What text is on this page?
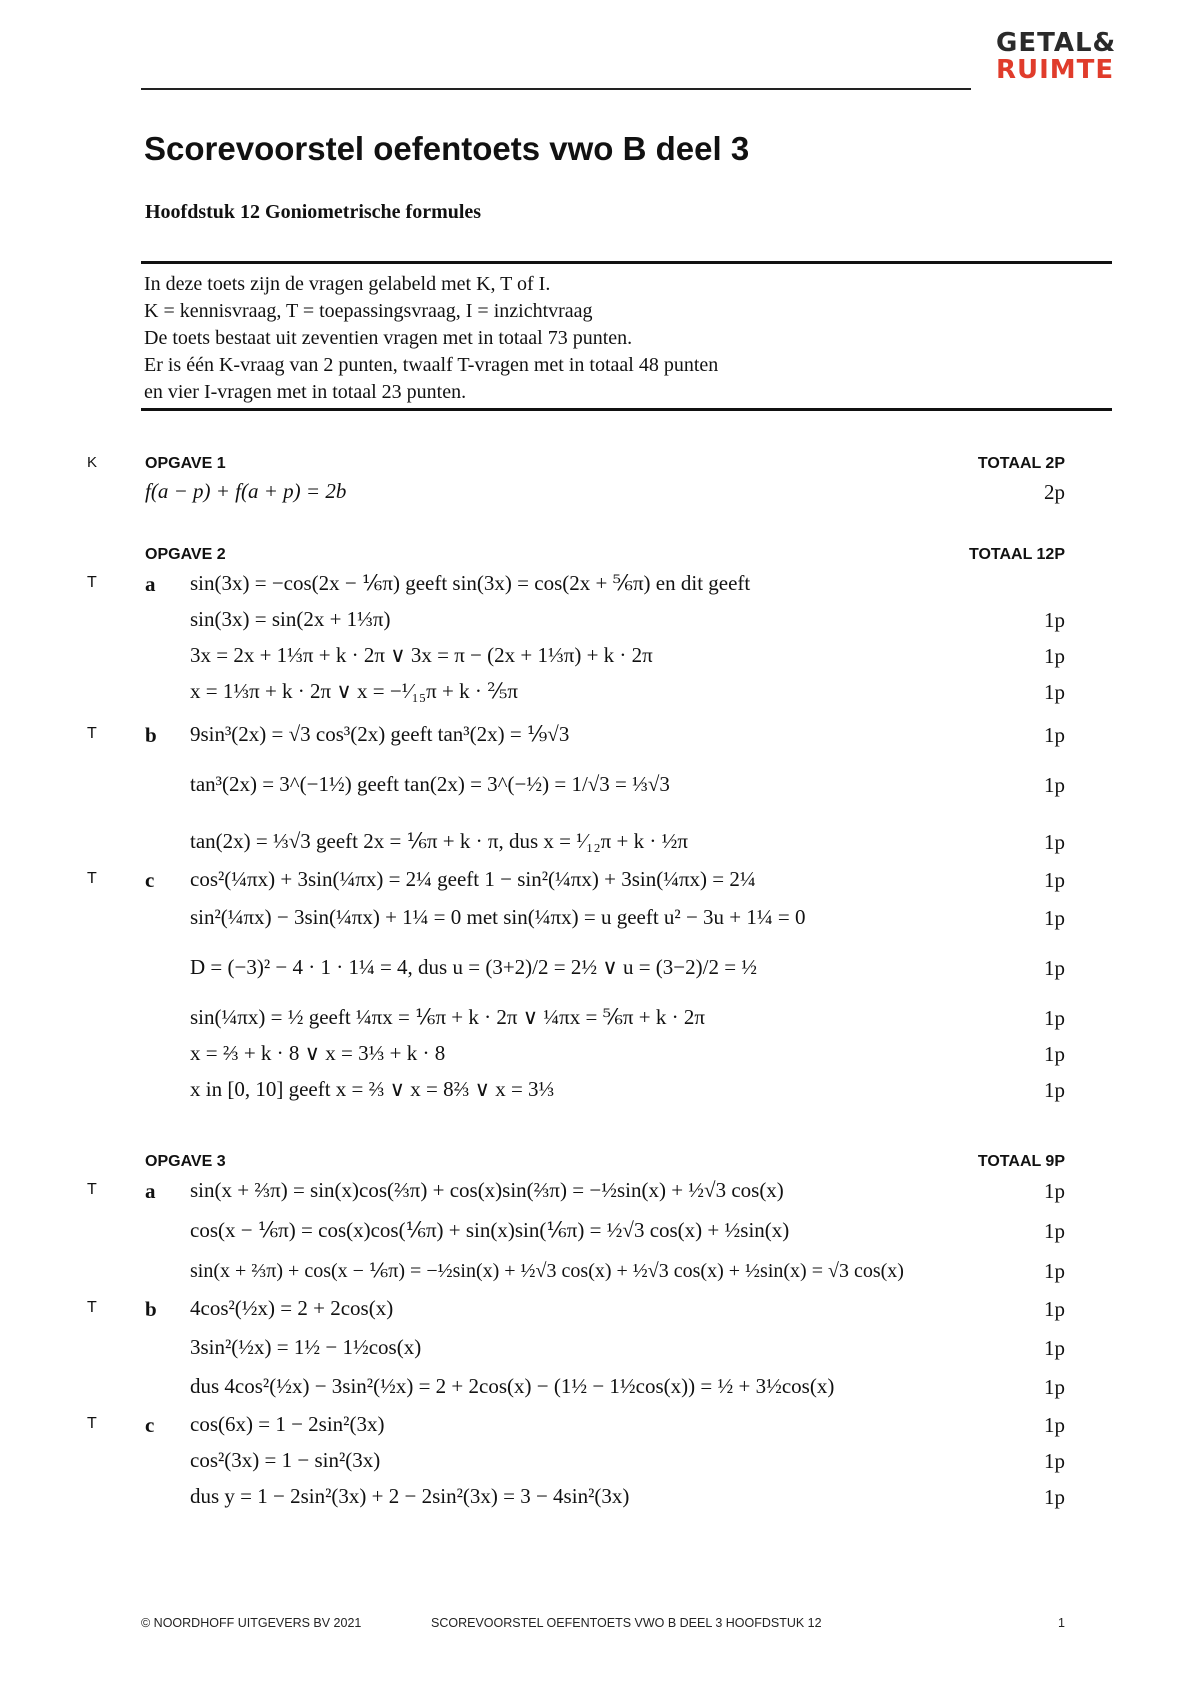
GETAL&
RUIMTE
Scorevoorstel oefentoets vwo B deel 3
Hoofdstuk 12 Goniometrische formules
In deze toets zijn de vragen gelabeld met K, T of I.
K = kennisvraag, T = toepassingsvraag, I = inzichtvraag
De toets bestaat uit zeventien vragen met in totaal 73 punten.
Er is één K-vraag van 2 punten, twaalf T-vragen met in totaal 48 punten
en vier I-vragen met in totaal 23 punten.
K	OPGAVE 1	TOTAAL 2P
f(a − p) + f(a + p) = 2b	2p
OPGAVE 2	TOTAAL 12P
T a sin(3x) = −cos(2x − ⅙π) geeft sin(3x) = cos(2x + ⅚π) en dit geeft
sin(3x) = sin(2x + 1⅓π)	1p
3x = 2x + 1⅓π + k · 2π ∨ 3x = π − (2x + 1⅓π) + k · 2π	1p
x = 1⅓π + k · 2π ∨ x = −¹⁄₁₅π + k · ⅖π	1p
T b 9sin³(2x) = √3 cos³(2x) geeft tan³(2x) = ⅑√3	1p
tan³(2x) = 3^(−1½) geeft tan(2x) = 3^(−½) = 1/√3 = ⅓√3	1p
tan(2x) = ⅓√3 geeft 2x = ⅙π + k · π, dus x = ¹⁄₁₂π + k · ½π	1p
T c cos²(¼πx) + 3sin(¼πx) = 2¼ geeft 1 − sin²(¼πx) + 3sin(¼πx) = 2¼	1p
sin²(¼πx) − 3sin(¼πx) + 1¼ = 0 met sin(¼πx) = u geeft u² − 3u + 1¼ = 0	1p
D = (−3)² − 4 · 1 · 1¼ = 4, dus u = (3+2)/2 = 2½ ∨ u = (3−2)/2 = ½	1p
sin(¼πx) = ½ geeft ¼πx = ⅙π + k · 2π ∨ ¼πx = ⅚π + k · 2π	1p
x = ⅔ + k · 8 ∨ x = 3⅓ + k · 8	1p
x in [0, 10] geeft x = ⅔ ∨ x = 8⅔ ∨ x = 3⅓	1p
OPGAVE 3	TOTAAL 9P
T a sin(x + ⅔π) = sin(x)cos(⅔π) + cos(x)sin(⅔π) = −½sin(x) + ½√3 cos(x)	1p
cos(x − ⅙π) = cos(x)cos(⅙π) + sin(x)sin(⅙π) = ½√3 cos(x) + ½sin(x)	1p
sin(x + ⅔π) + cos(x − ⅙π) = −½sin(x) + ½√3 cos(x) + ½√3 cos(x) + ½sin(x) = √3 cos(x)	1p
T b 4cos²(½x) = 2 + 2cos(x)	1p
3sin²(½x) = 1½ − 1½cos(x)	1p
dus 4cos²(½x) − 3sin²(½x) = 2 + 2cos(x) − (1½ − 1½cos(x)) = ½ + 3½cos(x)	1p
T c cos(6x) = 1 − 2sin²(3x)	1p
cos²(3x) = 1 − sin²(3x)	1p
dus y = 1 − 2sin²(3x) + 2 − 2sin²(3x) = 3 − 4sin²(3x)	1p
© NOORDHOFF UITGEVERS BV 2021	SCOREVOORSTEL OEFENTOETS VWO B DEEL 3 HOOFDSTUK 12	1
